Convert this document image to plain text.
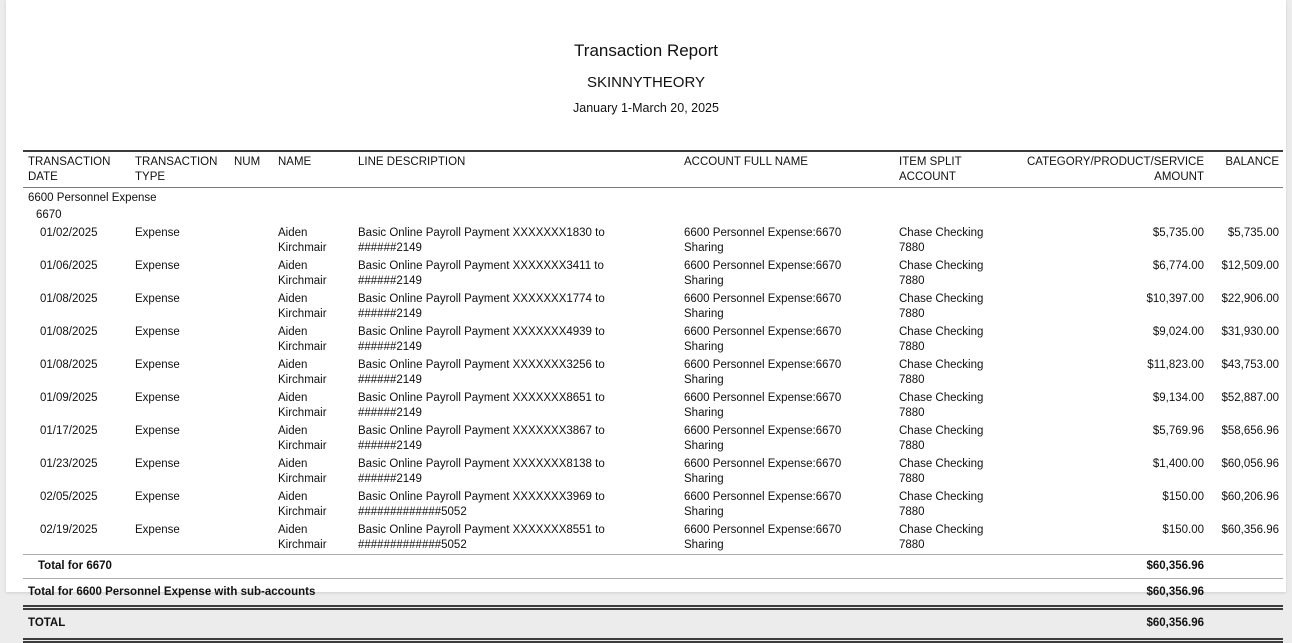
Transaction Report
SKINNYTHEORY
January 1-March 20, 2025
TRANSACTION DATE	TRANSACTION TYPE	NUM	NAME	LINE DESCRIPTION	ACCOUNT FULL NAME	ITEM SPLIT ACCOUNT	CATEGORY/PRODUCT/SERVICE AMOUNT	BALANCE
6600 Personnel Expense								
6670								
01/02/2025	Expense		Aiden Kirchmair	Basic Online Payroll Payment XXXXXXX1830 to ######2149	6600 Personnel Expense:6670 Sharing	Chase Checking 7880	$5,735.00	$5,735.00
01/06/2025	Expense		Aiden Kirchmair	Basic Online Payroll Payment XXXXXXX3411 to ######2149	6600 Personnel Expense:6670 Sharing	Chase Checking 7880	$6,774.00	$12,509.00
01/08/2025	Expense		Aiden Kirchmair	Basic Online Payroll Payment XXXXXXX1774 to ######2149	6600 Personnel Expense:6670 Sharing	Chase Checking 7880	$10,397.00	$22,906.00
01/08/2025	Expense		Aiden Kirchmair	Basic Online Payroll Payment XXXXXXX4939 to ######2149	6600 Personnel Expense:6670 Sharing	Chase Checking 7880	$9,024.00	$31,930.00
01/08/2025	Expense		Aiden Kirchmair	Basic Online Payroll Payment XXXXXXX3256 to ######2149	6600 Personnel Expense:6670 Sharing	Chase Checking 7880	$11,823.00	$43,753.00
01/09/2025	Expense		Aiden Kirchmair	Basic Online Payroll Payment XXXXXXX8651 to ######2149	6600 Personnel Expense:6670 Sharing	Chase Checking 7880	$9,134.00	$52,887.00
01/17/2025	Expense		Aiden Kirchmair	Basic Online Payroll Payment XXXXXXX3867 to ######2149	6600 Personnel Expense:6670 Sharing	Chase Checking 7880	$5,769.96	$58,656.96
01/23/2025	Expense		Aiden Kirchmair	Basic Online Payroll Payment XXXXXXX8138 to ######2149	6600 Personnel Expense:6670 Sharing	Chase Checking 7880	$1,400.00	$60,056.96
02/05/2025	Expense		Aiden Kirchmair	Basic Online Payroll Payment XXXXXXX3969 to #############5052	6600 Personnel Expense:6670 Sharing	Chase Checking 7880	$150.00	$60,206.96
02/19/2025	Expense		Aiden Kirchmair	Basic Online Payroll Payment XXXXXXX8551 to #############5052	6600 Personnel Expense:6670 Sharing	Chase Checking 7880	$150.00	$60,356.96
Total for 6670							$60,356.96	
Total for 6600 Personnel Expense with sub-accounts							$60,356.96	
TOTAL							$60,356.96	
